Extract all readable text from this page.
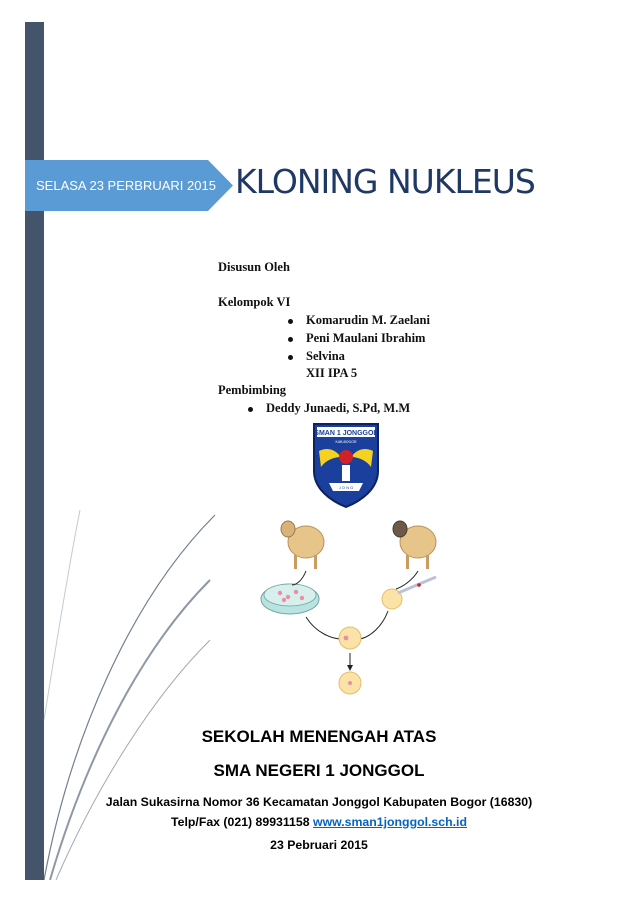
SELASA 23 PERBRUARI 2015 KLONING NUKLEUS
Disusun Oleh
Kelompok VI
Komarudin M. Zaelani
Peni Maulani Ibrahim
Selvina
XII IPA 5
Pembimbing
Deddy Junaedi, S.Pd, M.M
SMAN 1 JONGGOL
KAB.BOGOR
J O N G
SEKOLAH MENENGAH ATAS
SMA NEGERI 1 JONGGOL
Jalan Sukasirna Nomor 36 Kecamatan Jonggol Kabupaten Bogor (16830)
Telp/Fax (021) 89931158 www.sman1jonggol.sch.id
23 Pebruari 2015
